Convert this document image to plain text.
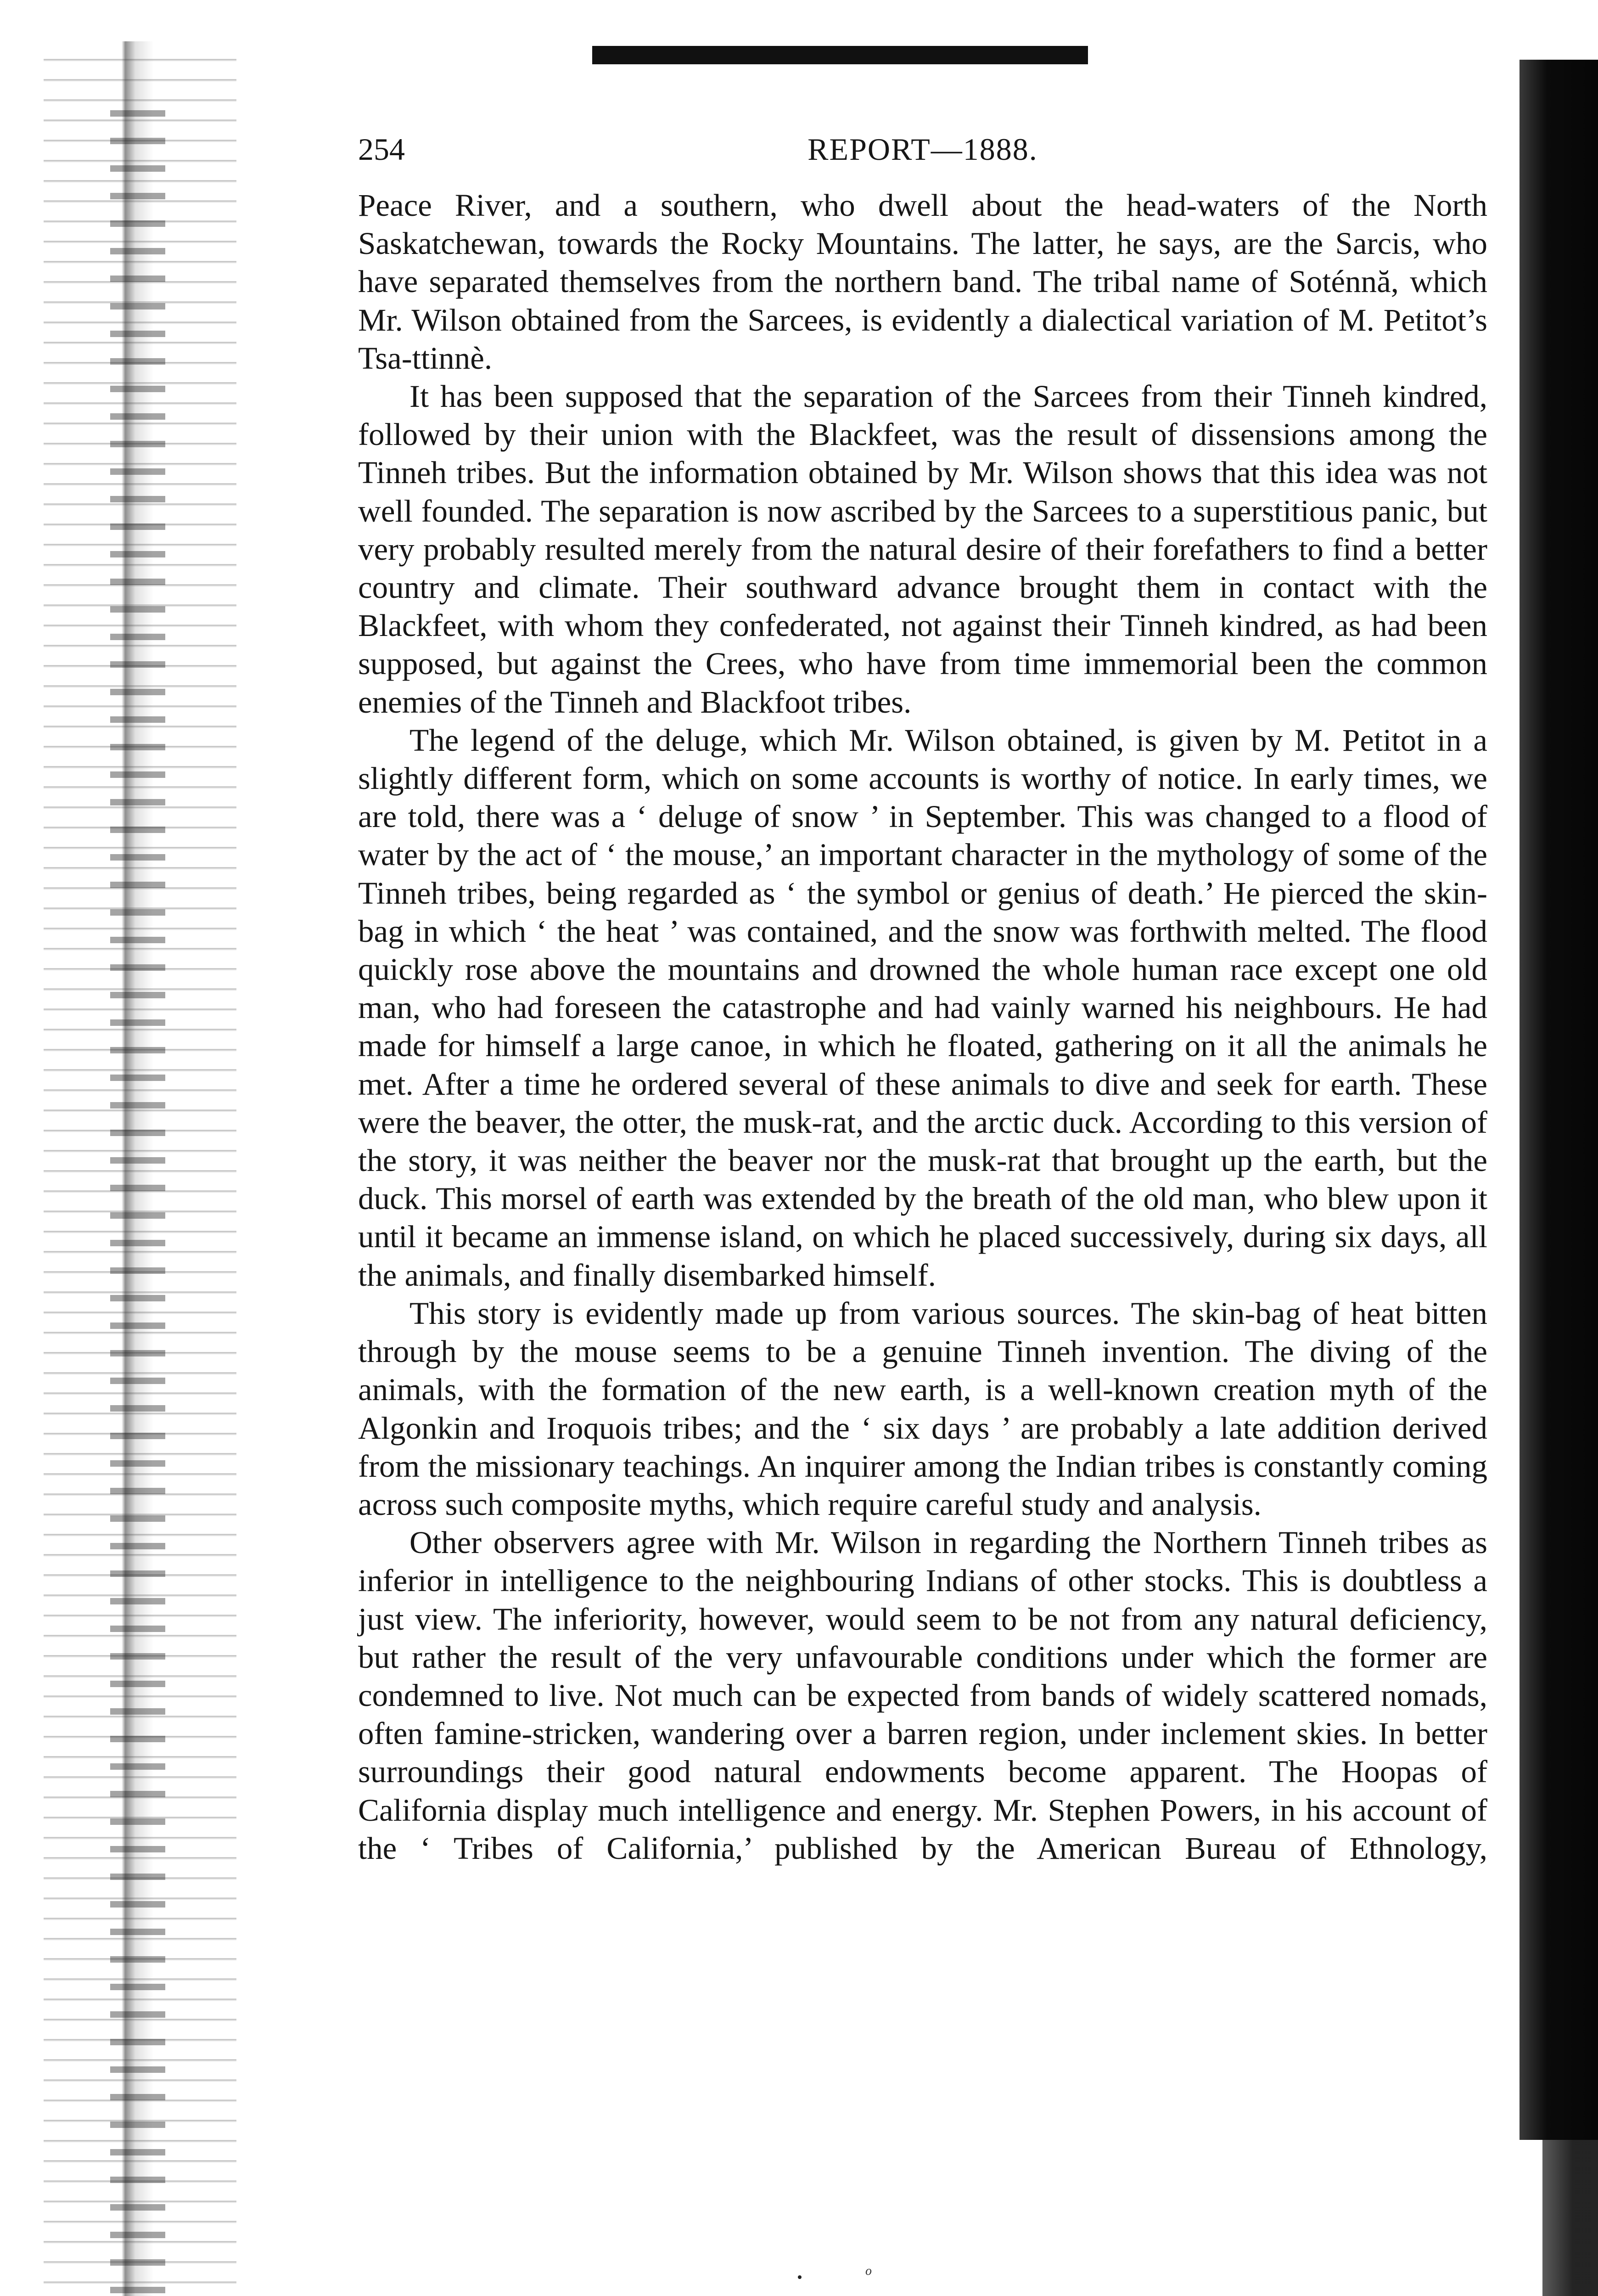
254	REPORT—1888.

Peace River, and a southern, who dwell about the head-waters of the North Saskatchewan, towards the Rocky Mountains. The latter, he says, are the Sarcis, who have separated themselves from the northern band. The tribal name of Soténnă, which Mr. Wilson obtained from the Sarcees, is evidently a dialectical variation of M. Petitot’s Tsa-ttinnè.

It has been supposed that the separation of the Sarcees from their Tinneh kindred, followed by their union with the Blackfeet, was the result of dissensions among the Tinneh tribes. But the information obtained by Mr. Wilson shows that this idea was not well founded. The separation is now ascribed by the Sarcees to a superstitious panic, but very probably resulted merely from the natural desire of their forefathers to find a better country and climate. Their southward advance brought them in contact with the Blackfeet, with whom they confederated, not against their Tinneh kindred, as had been supposed, but against the Crees, who have from time immemorial been the common enemies of the Tinneh and Blackfoot tribes.

The legend of the deluge, which Mr. Wilson obtained, is given by M. Petitot in a slightly different form, which on some accounts is worthy of notice. In early times, we are told, there was a ‘ deluge of snow ’ in September. This was changed to a flood of water by the act of ‘ the mouse,’ an important character in the mythology of some of the Tinneh tribes, being regarded as ‘ the symbol or genius of death.’ He pierced the skin-bag in which ‘ the heat ’ was contained, and the snow was forthwith melted. The flood quickly rose above the mountains and drowned the whole human race except one old man, who had foreseen the catastrophe and had vainly warned his neighbours. He had made for himself a large canoe, in which he floated, gathering on it all the animals he met. After a time he ordered several of these animals to dive and seek for earth. These were the beaver, the otter, the musk-rat, and the arctic duck. According to this version of the story, it was neither the beaver nor the musk-rat that brought up the earth, but the duck. This morsel of earth was extended by the breath of the old man, who blew upon it until it became an immense island, on which he placed successively, during six days, all the animals, and finally disembarked himself.

This story is evidently made up from various sources. The skin-bag of heat bitten through by the mouse seems to be a genuine Tinneh invention. The diving of the animals, with the formation of the new earth, is a well-known creation myth of the Algonkin and Iroquois tribes; and the ‘ six days ’ are probably a late addition derived from the missionary teachings. An inquirer among the Indian tribes is constantly coming across such composite myths, which require careful study and analysis.

Other observers agree with Mr. Wilson in regarding the Northern Tinneh tribes as inferior in intelligence to the neighbouring Indians of other stocks. This is doubtless a just view. The inferiority, however, would seem to be not from any natural deficiency, but rather the result of the very unfavourable conditions under which the former are condemned to live. Not much can be expected from bands of widely scattered nomads, often famine-stricken, wandering over a barren region, under inclement skies. In better surroundings their good natural endowments become apparent. The Hoopas of California display much intelligence and energy. Mr. Stephen Powers, in his account of the ‘ Tribes of California,’ published by the American Bureau of Ethnology,

o
